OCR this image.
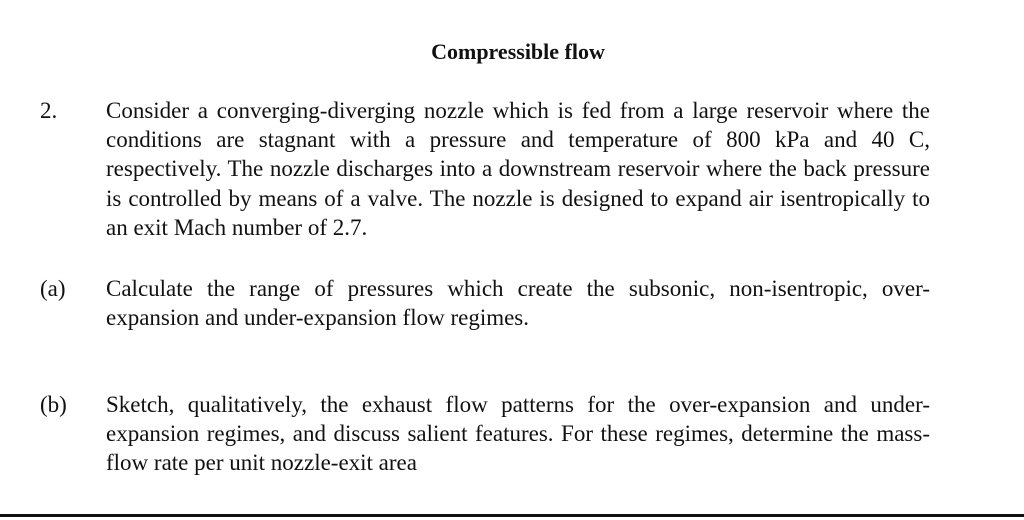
Compressible flow
2. Consider a converging-diverging nozzle which is fed from a large reservoir where the conditions are stagnant with a pressure and temperature of 800 kPa and 40 C, respectively. The nozzle discharges into a downstream reservoir where the back pressure is controlled by means of a valve. The nozzle is designed to expand air isentropically to an exit Mach number of 2.7.
(a) Calculate the range of pressures which create the subsonic, non-isentropic, over-expansion and under-expansion flow regimes.
(b) Sketch, qualitatively, the exhaust flow patterns for the over-expansion and under-expansion regimes, and discuss salient features. For these regimes, determine the mass-flow rate per unit nozzle-exit area
